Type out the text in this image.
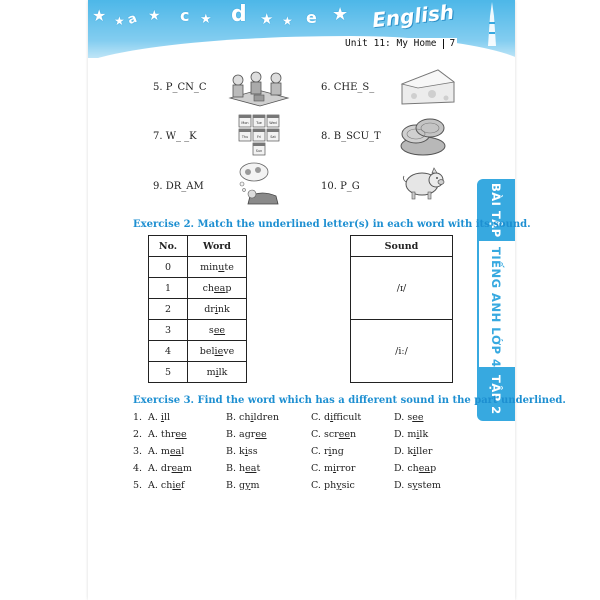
★ a
★ ★ c ★ d ★ ★ e ★ English
Unit 11: My Home 7
BÀI TẬP
TIẾNG ANH LỚP 4
TẬP 2
5. P_CN_C	6. CHE_S_
7. W_ _K	8. B_SCU_T
9. DR_AM	10. P_G
Mon Tue Wed
Thu	Fri	Sat
Sun
Exercise 2. Match the underlined letter(s) in each word with its sound.
No.	Word
0	minute
1	cheap
2	drink
3	see
4	believe
5	milk
Sound
/ɪ/
/iː/
Exercise 3. Find the word which has a different sound in the part underlined.
1. A. ill	B. children	C. difficult	D. see
2. A. three	B. agree	C. screen	D. milk
3. A. meal	B. kiss	C. ring	D. killer
4. A. dream	B. heat	C. mirror	D. cheap
5. A. chief	B. gym	C. physic	D. system
